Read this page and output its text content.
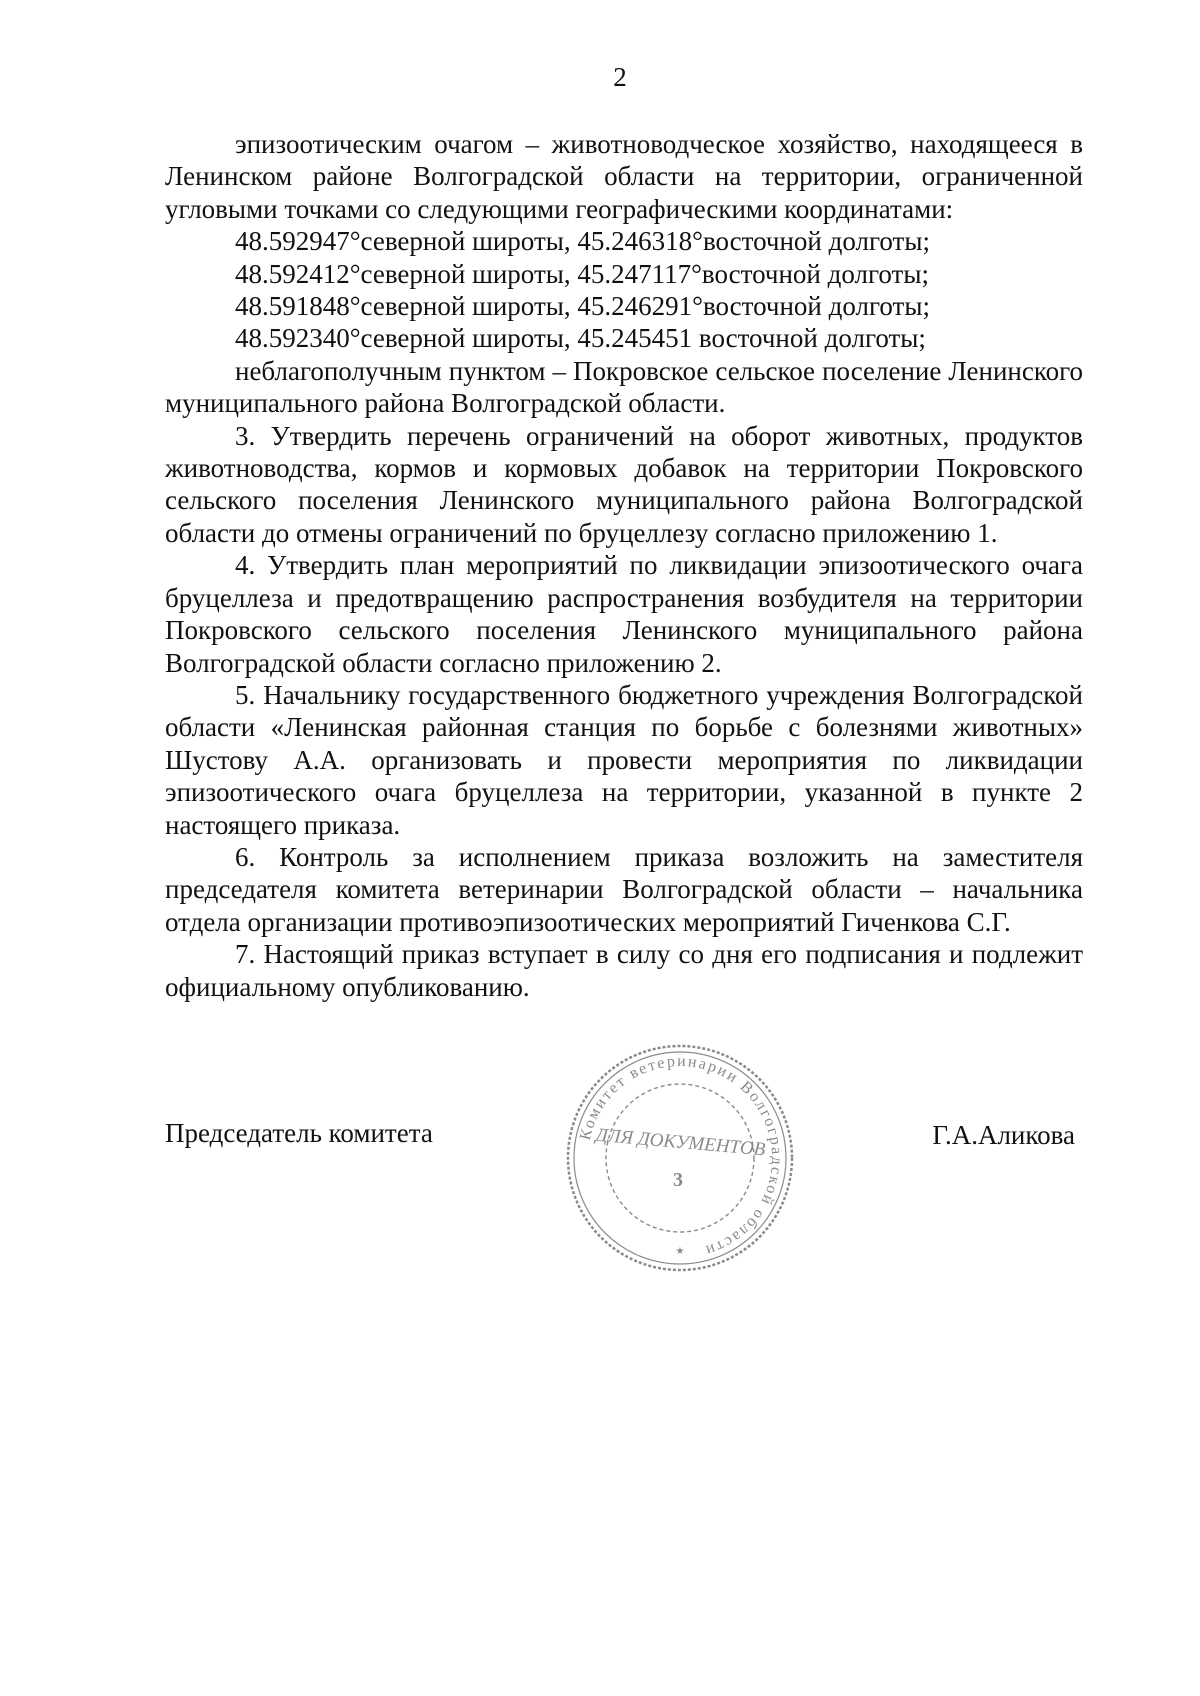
2

эпизоотическим очагом – животноводческое хозяйство, находящееся в Ленинском районе Волгоградской области на территории, ограниченной угловыми точками со следующими географическими координатами:

48.592947°северной широты, 45.246318°восточной долготы;

48.592412°северной широты, 45.247117°восточной долготы;

48.591848°северной широты, 45.246291°восточной долготы;

48.592340°северной широты, 45.245451 восточной долготы;

неблагополучным пунктом – Покровское сельское поселение Ленинского муниципального района Волгоградской области.

3. Утвердить перечень ограничений на оборот животных, продуктов животноводства, кормов и кормовых добавок на территории Покровского сельского поселения Ленинского муниципального района Волгоградской области до отмены ограничений по бруцеллезу согласно приложению 1.

4. Утвердить план мероприятий по ликвидации эпизоотического очага бруцеллеза и предотвращению распространения возбудителя на территории Покровского сельского поселения Ленинского муниципального района Волгоградской области согласно приложению 2.

5. Начальнику государственного бюджетного учреждения Волгоградской области «Ленинская районная станция по борьбе с болезнями животных» Шустову А.А. организовать и провести мероприятия по ликвидации эпизоотического очага бруцеллеза на территории, указанной в пункте 2 настоящего приказа.

6. Контроль за исполнением приказа возложить на заместителя председателя комитета ветеринарии Волгоградской области – начальника отдела организации противоэпизоотических мероприятий Гиченкова С.Г.

7. Настоящий приказ вступает в силу со дня его подписания и подлежит официальному опубликованию.

Председатель комитета	Г.А.Аликова
Комитет ветеринарии Волгоградской области
ДЛЯ ДОКУМЕНТОВ
3
★
